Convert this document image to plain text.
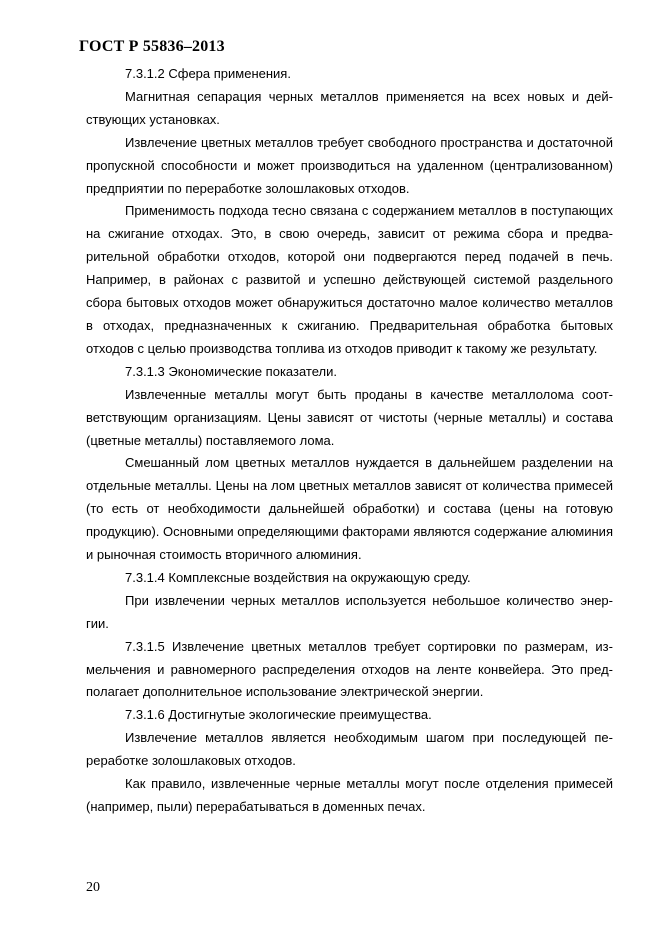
ГОСТ Р 55836–2013

7.3.1.2 Сфера применения.

Магнитная сепарация черных металлов применяется на всех новых и действующих установках.

Извлечение цветных металлов требует свободного пространства и достаточной пропускной способности и может производиться на удаленном (централизованном) предприятии по переработке золошлаковых отходов.

Применимость подхода тесно связана с содержанием металлов в поступающих на сжигание отходах. Это, в свою очередь, зависит от режима сбора и предварительной обработки отходов, которой они подвергаются перед подачей в печь. Например, в районах с развитой и успешно действующей системой раздельного сбора бытовых отходов может обнаружиться достаточно малое количество металлов в отходах, предназначенных к сжиганию. Предварительная обработка бытовых отходов с целью производства топлива из отходов приводит к такому же результату.

7.3.1.3 Экономические показатели.

Извлеченные металлы могут быть проданы в качестве металлолома соответствующим организациям. Цены зависят от чистоты (черные металлы) и состава (цветные металлы) поставляемого лома.

Смешанный лом цветных металлов нуждается в дальнейшем разделении на отдельные металлы. Цены на лом цветных металлов зависят от количества примесей (то есть от необходимости дальнейшей обработки) и состава (цены на готовую продукцию). Основными определяющими факторами являются содержание алюминия и рыночная стоимость вторичного алюминия.

7.3.1.4 Комплексные воздействия на окружающую среду.

При извлечении черных металлов используется небольшое количество энергии.

7.3.1.5 Извлечение цветных металлов требует сортировки по размерам, измельчения и равномерного распределения отходов на ленте конвейера. Это предполагает дополнительное использование электрической энергии.

7.3.1.6 Достигнутые экологические преимущества.

Извлечение металлов является необходимым шагом при последующей переработке золошлаковых отходов.

Как правило, извлеченные черные металлы могут после отделения примесей (например, пыли) перерабатываться в доменных печах.

20
